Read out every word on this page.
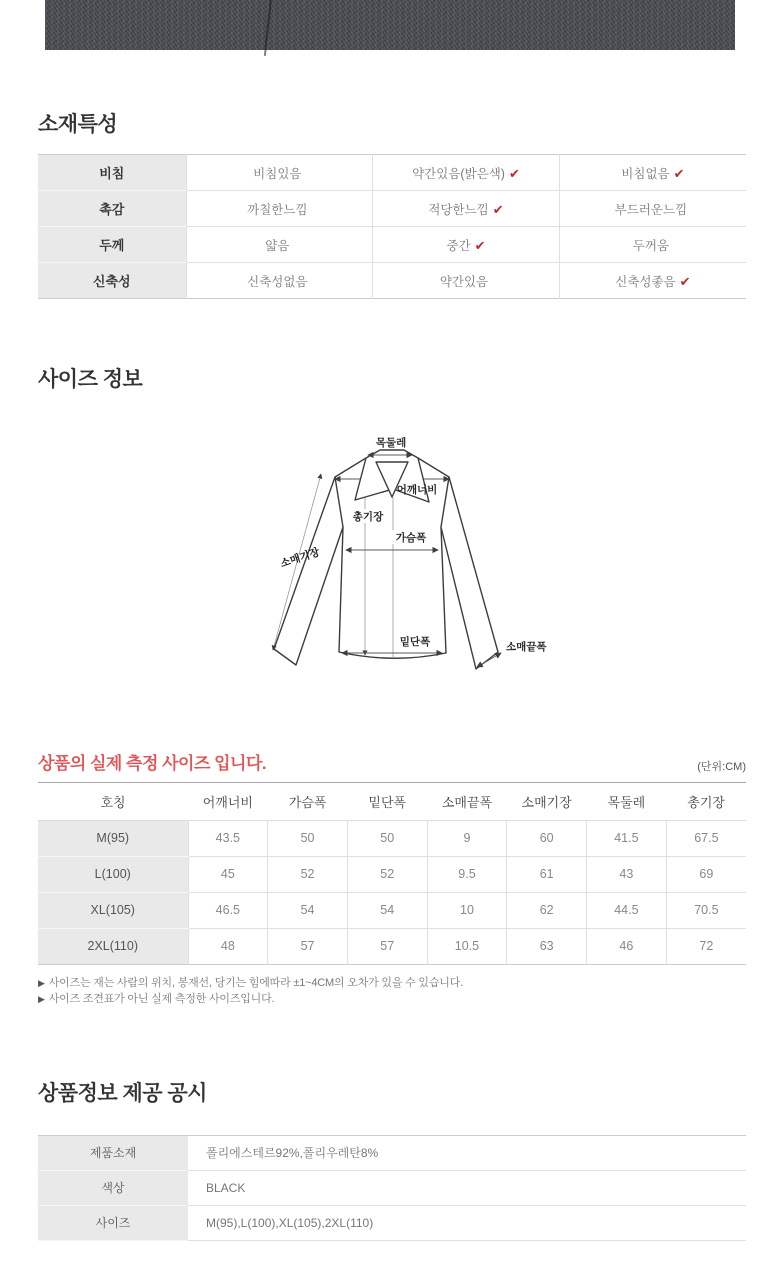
소재특성
비침	비침있음	약간있음(밝은색) ✔	비침없음 ✔
촉감	까칠한느낌	적당한느낌 ✔	부드러운느낌
두께	얇음	중간 ✔	두꺼움
신축성	신축성없음	약간있음	신축성좋음 ✔
사이즈 정보
목둘레
어깨너비
총기장
가슴폭
소매기장
밑단폭	소매끝폭
상품의 실제 측정 사이즈 입니다.	(단위:CM)
호칭	어깨너비	가슴폭	밑단폭	소매끝폭	소매기장	목둘레	총기장
M(95)	43.5	50	50	9	60	41.5	67.5
L(100)	45	52	52	9.5	61	43	69
XL(105)	46.5	54	54	10	62	44.5	70.5
2XL(110)	48	57	57	10.5	63	46	72
▶ 사이즈는 재는 사람의 위치, 봉재선, 당기는 힘에따라 ±1~4CM의 오차가 있을 수 있습니다.
▶ 사이즈 조견표가 아닌 실제 측정한 사이즈입니다.
상품정보 제공 공시
제품소재	폴리에스테르92%,폴리우레탄8%
색상	BLACK
사이즈	M(95),L(100),XL(105),2XL(110)
